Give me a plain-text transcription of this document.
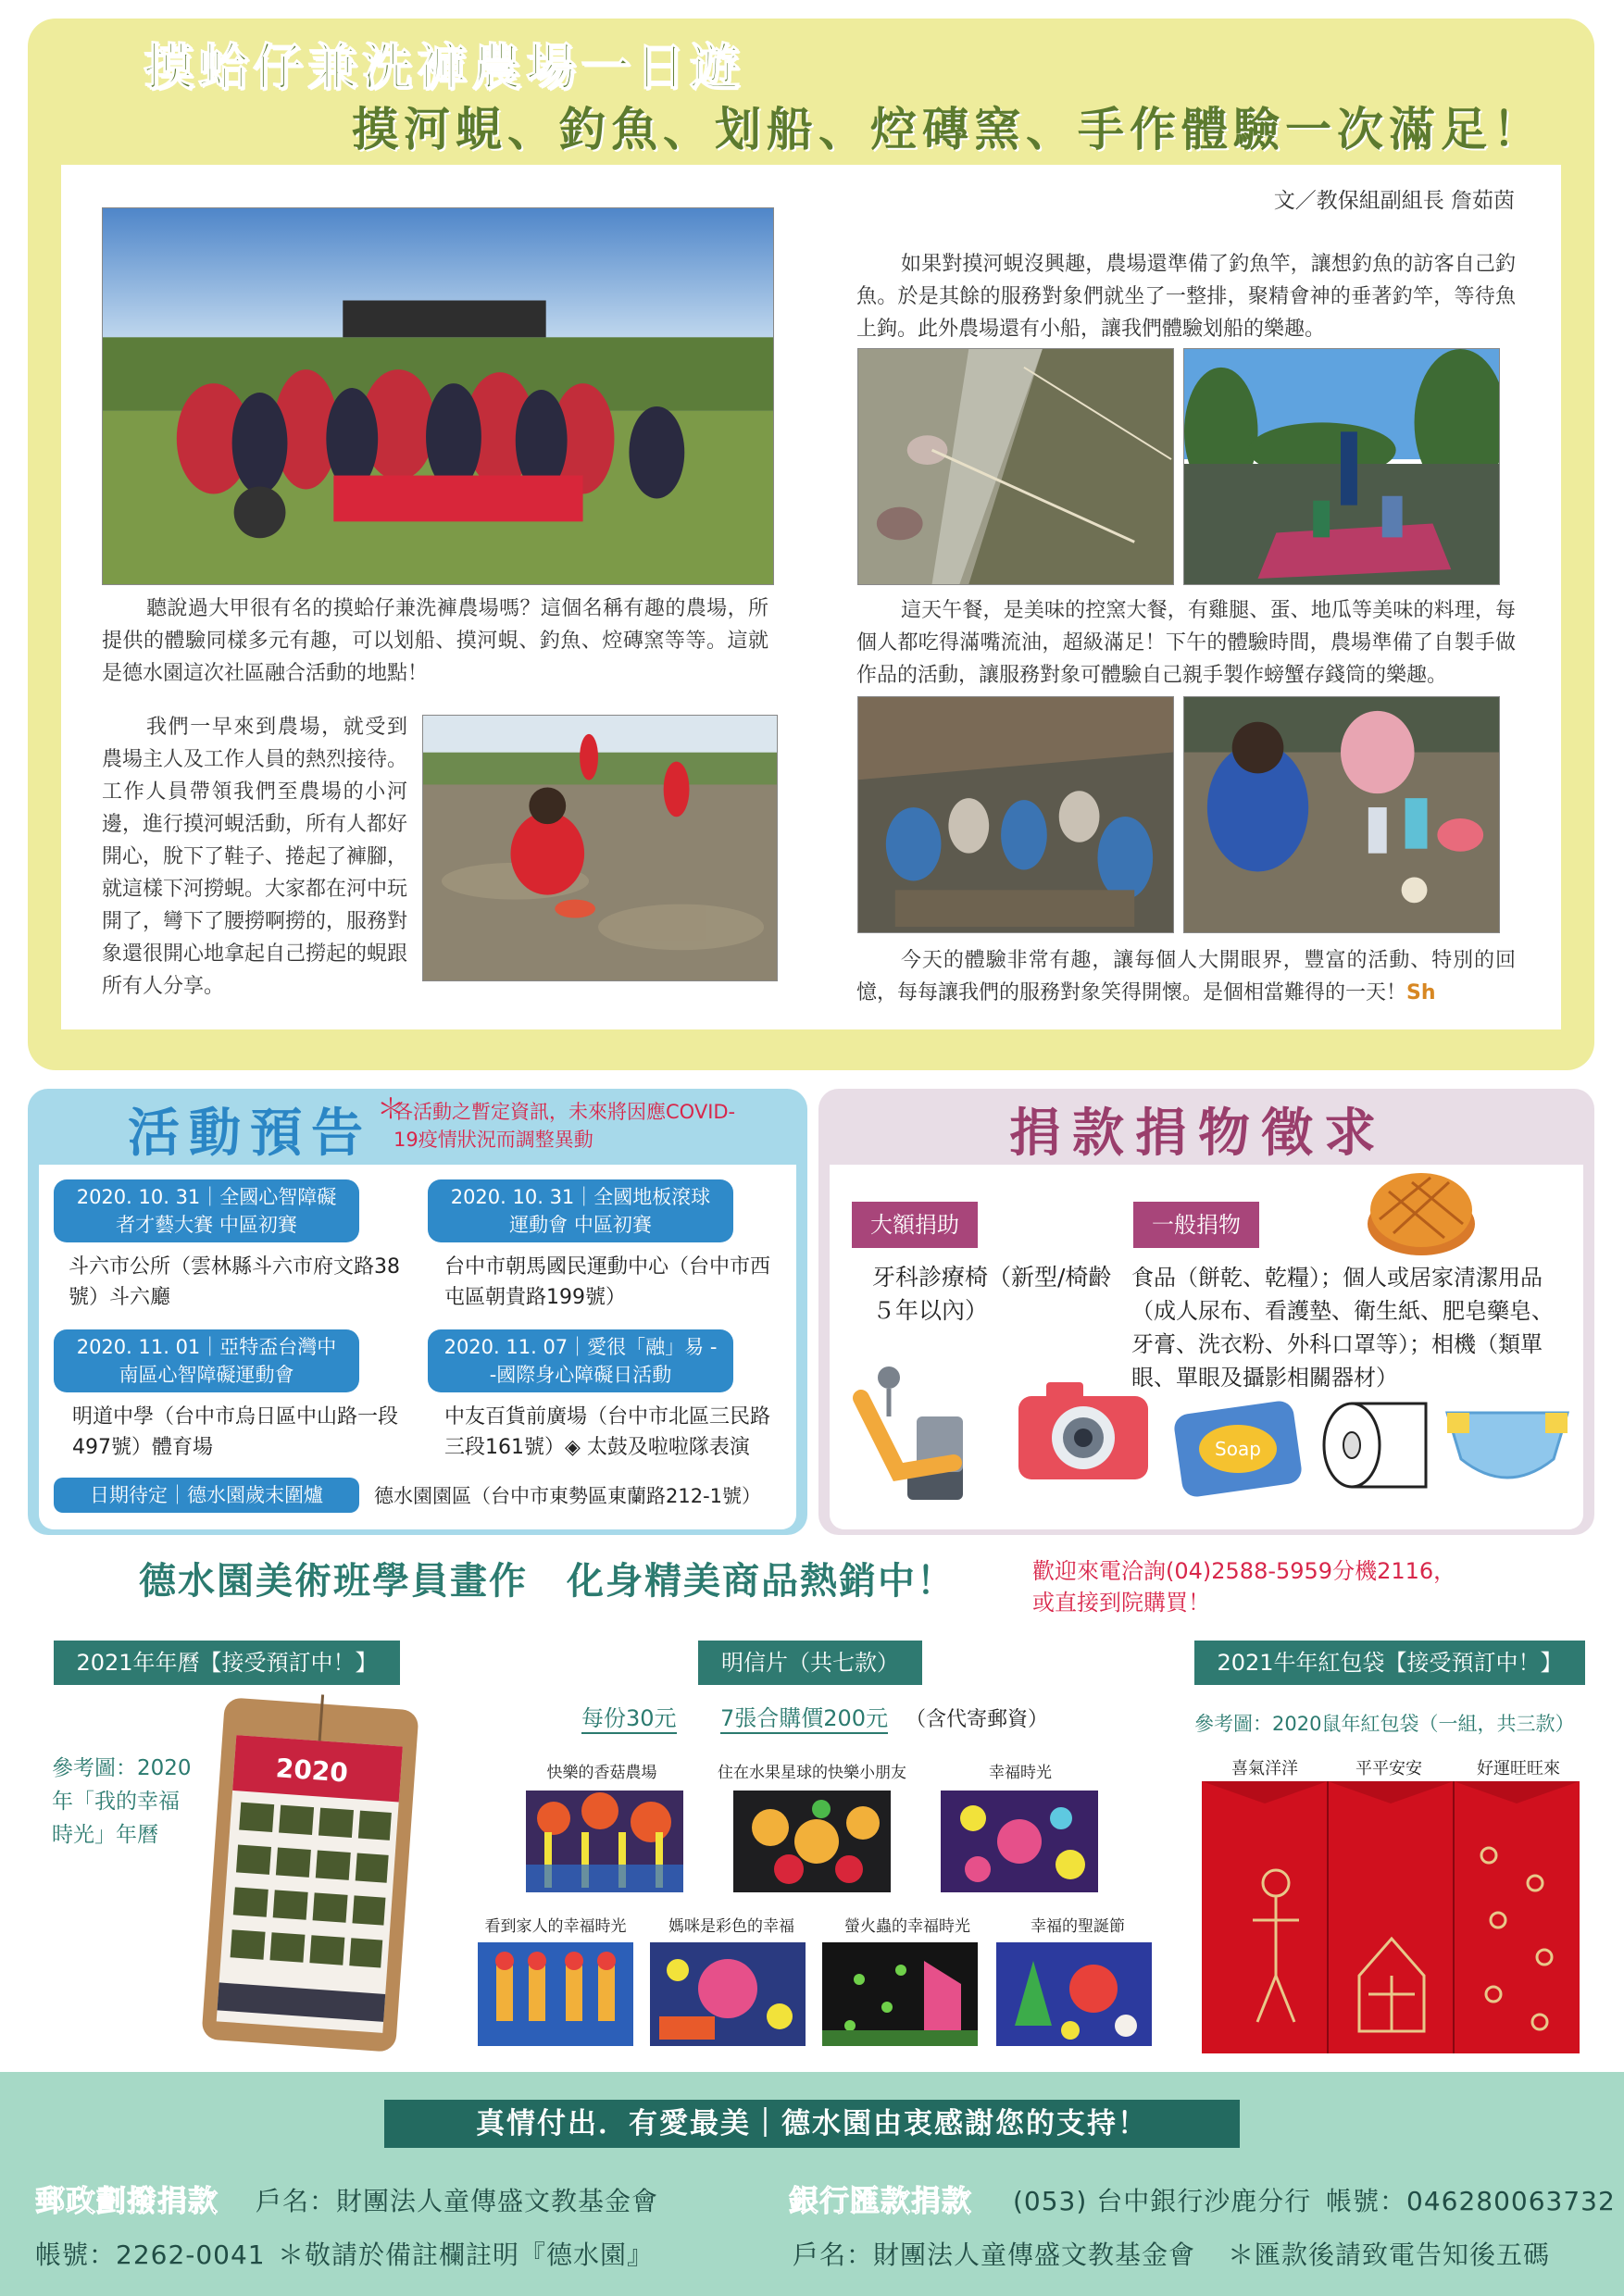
摸蛤仔兼洗褲農場一日遊
摸河蜆、釣魚、划船、焢磚窯、手作體驗一次滿足！
文／教保組副組長 詹茹茵
聽說過大甲很有名的摸蛤仔兼洗褲農場嗎？這個名稱有趣的農場，所提供的體驗同樣多元有趣，可以划船、摸河蜆、釣魚、焢磚窯等等。這就是德水園這次社區融合活動的地點！
我們一早來到農場，就受到農場主人及工作人員的熱烈接待。工作人員帶領我們至農場的小河邊，進行摸河蜆活動，所有人都好開心，脫下了鞋子、捲起了褲腳，就這樣下河撈蜆。大家都在河中玩開了，彎下了腰撈啊撈的，服務對象還很開心地拿起自己撈起的蜆跟所有人分享。
如果對摸河蜆沒興趣，農場還準備了釣魚竿，讓想釣魚的訪客自己釣魚。於是其餘的服務對象們就坐了一整排，聚精會神的垂著釣竿，等待魚上鉤。此外農場還有小船，讓我們體驗划船的樂趣。
這天午餐，是美味的控窯大餐，有雞腿、蛋、地瓜等美味的料理，每個人都吃得滿嘴流油，超級滿足！下午的體驗時間，農場準備了自製手做作品的活動，讓服務對象可體驗自己親手製作螃蟹存錢筒的樂趣。
今天的體驗非常有趣，讓每個人大開眼界，豐富的活動、特別的回憶，每每讓我們的服務對象笑得開懷。是個相當難得的一天！Sh
活動預告 ＊
各活動之暫定資訊，未來將因應COVID-19疫情狀況而調整異動
2020. 10. 31｜全國心智障礙者才藝大賽 中區初賽
斗六市公所（雲林縣斗六市府文路38號）斗六廳
2020. 10. 31｜全國地板滾球運動會 中區初賽
台中市朝馬國民運動中心（台中市西屯區朝貴路199號）
2020. 11. 01｜亞特盃台灣中南區心智障礙運動會
明道中學（台中市烏日區中山路一段497號）體育場
2020. 11. 07｜愛很「融」易 --國際身心障礙日活動
中友百貨前廣場（台中市北區三民路三段161號）◈ 太鼓及啦啦隊表演
日期待定｜德水園歲末圍爐	德水園園區（台中市東勢區東蘭路212-1號）
捐款捐物徵求
大額捐助
牙科診療椅（新型/椅齡５年以內）
一般捐物
食品（餅乾、乾糧）；個人或居家清潔用品（成人尿布、看護墊、衛生紙、肥皂藥皂、牙膏、洗衣粉、外科口罩等）；相機（類單眼、單眼及攝影相關器材）
Soap
德水園美術班學員畫作　化身精美商品熱銷中！	歡迎來電洽詢(04)2588-5959分機2116，或直接到院購買！
2021年年曆【接受預訂中！】
參考圖：2020年「我的幸福時光」年曆
2020
明信片（共七款）
每份30元 7張合購價200元 （含代寄郵資）
快樂的香菇農場	住在水果星球的快樂小朋友	幸福時光
看到家人的幸福時光	媽咪是彩色的幸福	螢火蟲的幸福時光	幸福的聖誕節
2021牛年紅包袋【接受預訂中！】
參考圖：2020鼠年紅包袋（一組，共三款）
喜氣洋洋	平平安安	好運旺旺來
真情付出．有愛最美｜德水園由衷感謝您的支持！
郵政劃撥捐款 戶名：財團法人童傳盛文教基金會
帳號：2262-0041 ＊敬請於備註欄註明『德水園』
銀行匯款捐款 (053) 台中銀行沙鹿分行 帳號：046280063732
戶名：財團法人童傳盛文教基金會 ＊匯款後請致電告知後五碼
